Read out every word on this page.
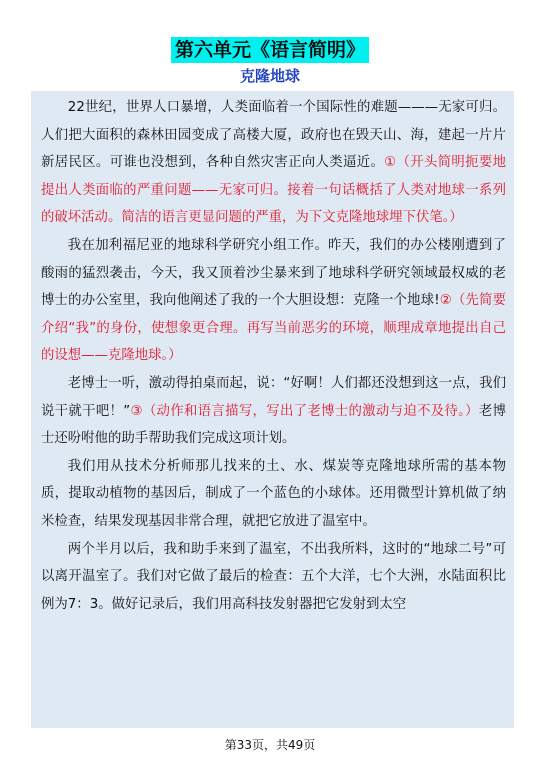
第六单元《语言简明》
克隆地球

22世纪，世界人口暴增，人类面临着一个国际性的难题———无家可归。人们把大面积的森林田园变成了高楼大厦，政府也在毁天山、海，建起一片片新居民区。可谁也没想到，各种自然灾害正向人类逼近。①（开头简明扼要地提出人类面临的严重问题——无家可归。接着一句话概括了人类对地球一系列的破坏活动。简洁的语言更显问题的严重，为下文克隆地球埋下伏笔。）

我在加利福尼亚的地球科学研究小组工作。昨天，我们的办公楼刚遭到了酸雨的猛烈袭击，今天，我又顶着沙尘暴来到了地球科学研究领域最权威的老博士的办公室里，我向他阐述了我的一个大胆设想：克隆一个地球!②（先简要介绍“我”的身份，使想象更合理。再写当前恶劣的环境，顺理成章地提出自己的设想——克隆地球。）

老博士一听，激动得拍桌而起，说：“好啊！人们都还没想到这一点，我们说干就干吧！”③（动作和语言描写，写出了老博士的激动与迫不及待。）老博士还吩咐他的助手帮助我们完成这项计划。

我们用从技术分析师那儿找来的土、水、煤炭等克隆地球所需的基本物质，提取动植物的基因后，制成了一个蓝色的小球体。还用微型计算机做了纳米检查，结果发现基因非常合理，就把它放进了温室中。

两个半月以后，我和助手来到了温室，不出我所料，这时的“地球二号”可以离开温室了。我们对它做了最后的检查：五个大洋，七个大洲，水陆面积比例为7：3。做好记录后，我们用高科技发射器把它发射到太空

第33页，共49页
